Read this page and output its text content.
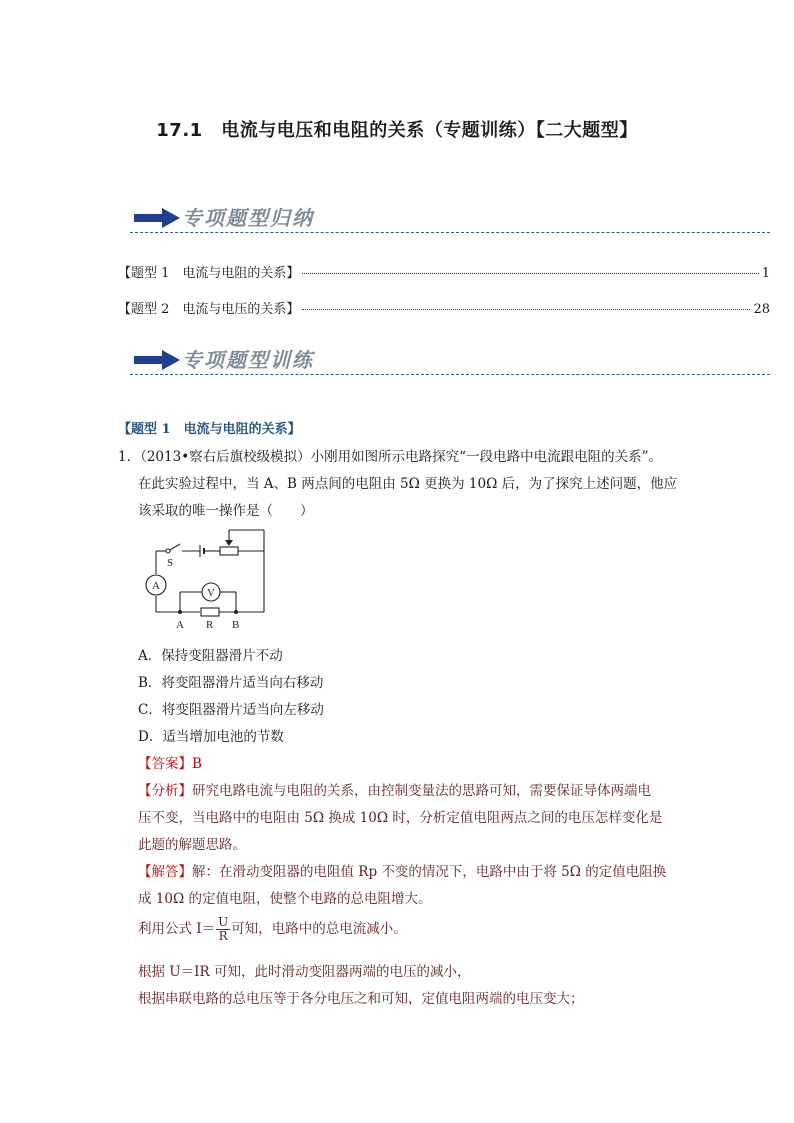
17.1　电流与电压和电阻的关系（专题训练）【二大题型】
专项题型归纳
【题型 1　电流与电阻的关系】	1
【题型 2　电流与电压的关系】	28
专项题型训练
【题型 1　电流与电阻的关系】
1．（2013•察右后旗校级模拟）小刚用如图所示电路探究“一段电路中电流跟电阻的关系”。
在此实验过程中，当 A、B 两点间的电阻由 5Ω 更换为 10Ω 后，为了探究上述问题，他应
该采取的唯一操作是（　　）
A
V
S
A R B
A．保持变阻器滑片不动
B．将变阻器滑片适当向右移动
C．将变阻器滑片适当向左移动
D．适当增加电池的节数
【答案】B
【分析】研究电路电流与电阻的关系，由控制变量法的思路可知，需要保证导体两端电
压不变，当电路中的电阻由 5Ω 换成 10Ω 时，分析定值电阻两点之间的电压怎样变化是
此题的解题思路。
【解答】解：在滑动变阻器的电阻值 Rp 不变的情况下，电路中由于将 5Ω 的定值电阻换
成 10Ω 的定值电阻，使整个电路的总电阻增大。
利用公式 $I= \frac{U}{R}$ 可知，电路中的总电流减小。
根据 U＝IR 可知，此时滑动变阻器两端的电压的减小，
根据串联电路的总电压等于各分电压之和可知，定值电阻两端的电压变大；
